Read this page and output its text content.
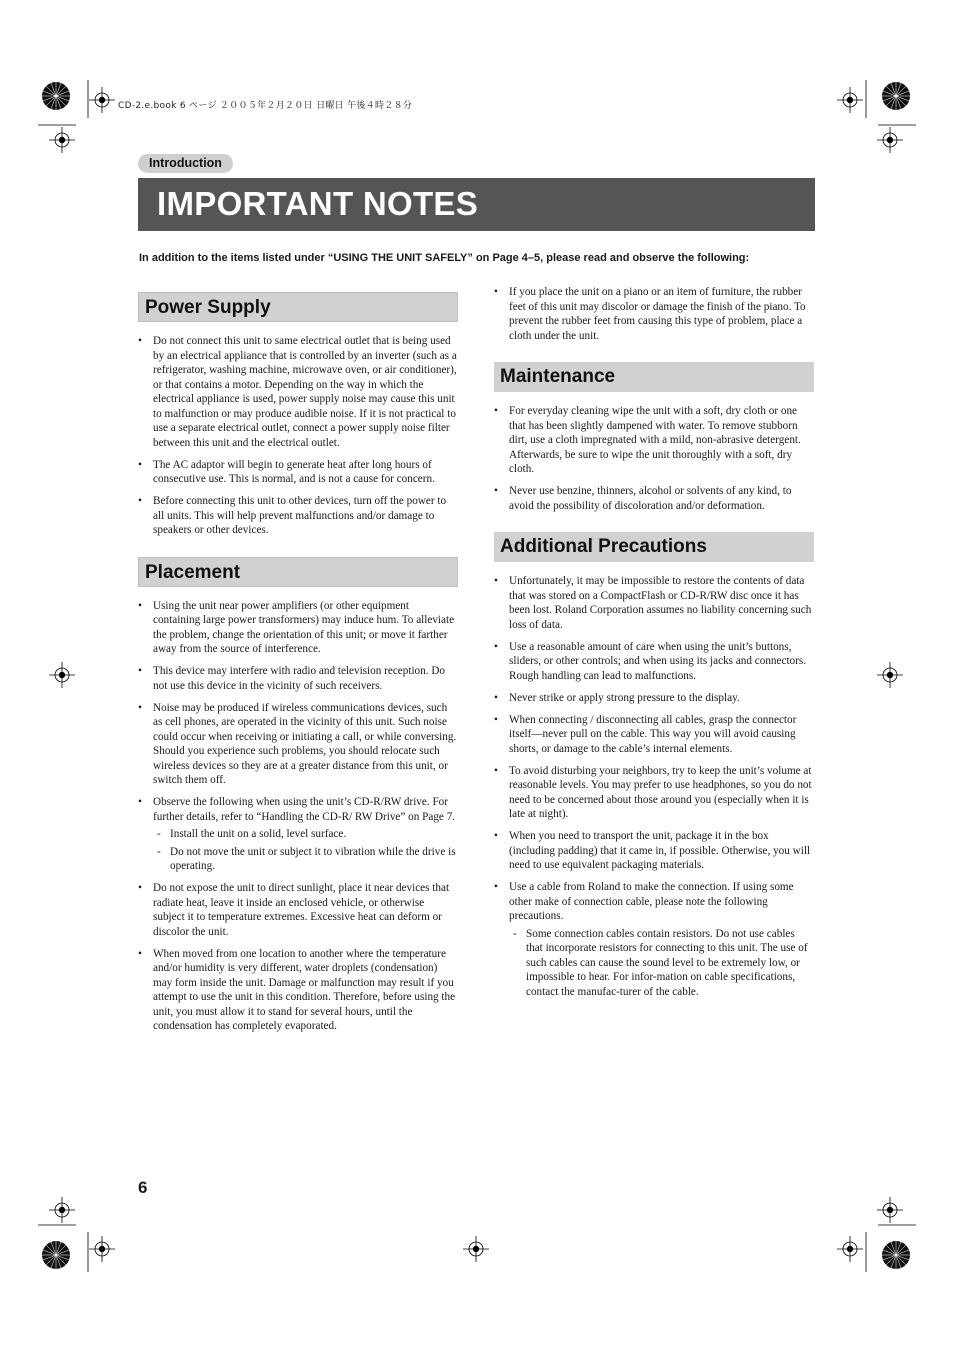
CD-2.e.book 6 ページ ２００５年２月２０日 日曜日 午後４時２８分
Introduction
IMPORTANT NOTES
In addition to the items listed under “USING THE UNIT SAFELY” on Page 4–5, please read and observe the following:
Power Supply
• Do not connect this unit to same electrical outlet that is being used by an electrical appliance that is controlled by an inverter (such as a refrigerator, washing machine, microwave oven, or air conditioner), or that contains a motor. Depending on the way in which the electrical appliance is used, power supply noise may cause this unit to malfunction or may produce audible noise. If it is not practical to use a separate electrical outlet, connect a power supply noise filter between this unit and the electrical outlet.
• The AC adaptor will begin to generate heat after long hours of consecutive use. This is normal, and is not a cause for concern.
• Before connecting this unit to other devices, turn off the power to all units. This will help prevent malfunctions and/or damage to speakers or other devices.
Placement
• Using the unit near power amplifiers (or other equipment containing large power transformers) may induce hum. To alleviate the problem, change the orientation of this unit; or move it farther away from the source of interference.
• This device may interfere with radio and television reception. Do not use this device in the vicinity of such receivers.
• Noise may be produced if wireless communications devices, such as cell phones, are operated in the vicinity of this unit. Such noise could occur when receiving or initiating a call, or while conversing. Should you experience such problems, you should relocate such wireless devices so they are at a greater distance from this unit, or switch them off.
• Observe the following when using the unit’s CD-R/RW drive. For further details, refer to “Handling the CD-R/ RW Drive” on Page 7.
- Install the unit on a solid, level surface.
- Do not move the unit or subject it to vibration while the drive is operating.
• Do not expose the unit to direct sunlight, place it near devices that radiate heat, leave it inside an enclosed vehicle, or otherwise subject it to temperature extremes. Excessive heat can deform or discolor the unit.
• When moved from one location to another where the temperature and/or humidity is very different, water droplets (condensation) may form inside the unit. Damage or malfunction may result if you attempt to use the unit in this condition. Therefore, before using the unit, you must allow it to stand for several hours, until the condensation has completely evaporated.
• If you place the unit on a piano or an item of furniture, the rubber feet of this unit may discolor or damage the finish of the piano. To prevent the rubber feet from causing this type of problem, place a cloth under the unit.
Maintenance
• For everyday cleaning wipe the unit with a soft, dry cloth or one that has been slightly dampened with water. To remove stubborn dirt, use a cloth impregnated with a mild, non-abrasive detergent. Afterwards, be sure to wipe the unit thoroughly with a soft, dry cloth.
• Never use benzine, thinners, alcohol or solvents of any kind, to avoid the possibility of discoloration and/or deformation.
Additional Precautions
• Unfortunately, it may be impossible to restore the contents of data that was stored on a CompactFlash or CD-R/RW disc once it has been lost. Roland Corporation assumes no liability concerning such loss of data.
• Use a reasonable amount of care when using the unit’s buttons, sliders, or other controls; and when using its jacks and connectors. Rough handling can lead to malfunctions.
• Never strike or apply strong pressure to the display.
• When connecting / disconnecting all cables, grasp the connector itself—never pull on the cable. This way you will avoid causing shorts, or damage to the cable’s internal elements.
• To avoid disturbing your neighbors, try to keep the unit’s volume at reasonable levels. You may prefer to use headphones, so you do not need to be concerned about those around you (especially when it is late at night).
• When you need to transport the unit, package it in the box (including padding) that it came in, if possible. Otherwise, you will need to use equivalent packaging materials.
• Use a cable from Roland to make the connection. If using some other make of connection cable, please note the following precautions.
- Some connection cables contain resistors. Do not use cables that incorporate resistors for connecting to this unit. The use of such cables can cause the sound level to be extremely low, or impossible to hear. For infor-mation on cable specifications, contact the manufac-turer of the cable.
6
